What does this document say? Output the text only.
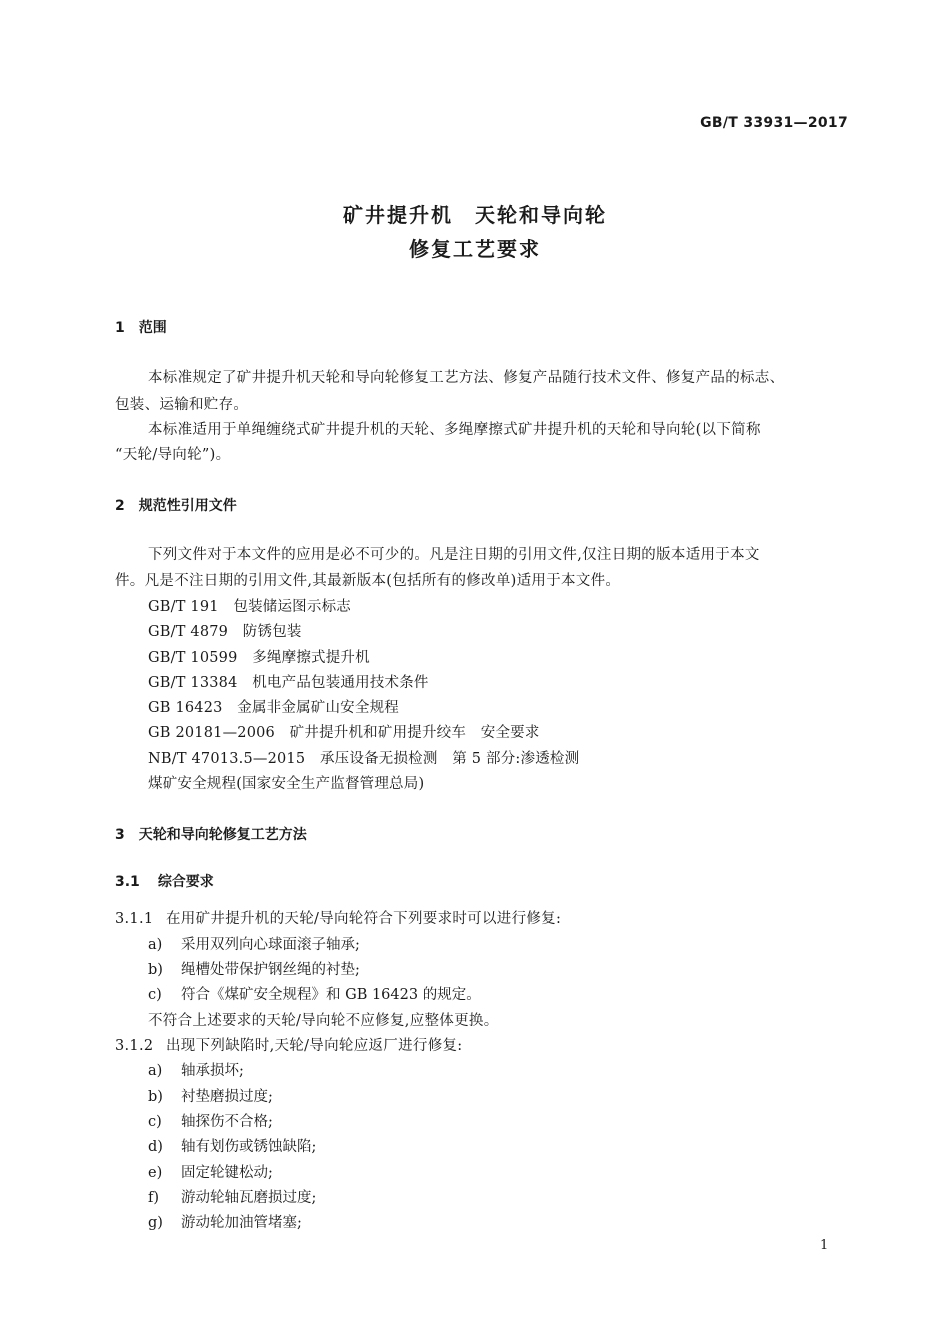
GB/T 33931—2017
矿井提升机　天轮和导向轮
修复工艺要求
1 范围
本标准规定了矿井提升机天轮和导向轮修复工艺方法、修复产品随行技术文件、修复产品的标志、
包装、运输和贮存。
本标准适用于单绳缠绕式矿井提升机的天轮、多绳摩擦式矿井提升机的天轮和导向轮(以下简称
“天轮/导向轮”)。
2 规范性引用文件
下列文件对于本文件的应用是必不可少的。凡是注日期的引用文件,仅注日期的版本适用于本文
件。凡是不注日期的引用文件,其最新版本(包括所有的修改单)适用于本文件。
GB/T 191　包装储运图示标志
GB/T 4879　防锈包装
GB/T 10599　多绳摩擦式提升机
GB/T 13384　机电产品包装通用技术条件
GB 16423　金属非金属矿山安全规程
GB 20181—2006　矿井提升机和矿用提升绞车　安全要求
NB/T 47013.5—2015　承压设备无损检测　第 5 部分:渗透检测
煤矿安全规程(国家安全生产监督管理总局)
3 天轮和导向轮修复工艺方法
3.1 综合要求
3.1.1 在用矿井提升机的天轮/导向轮符合下列要求时可以进行修复:
a) 采用双列向心球面滚子轴承;
b) 绳槽处带保护钢丝绳的衬垫;
c) 符合《煤矿安全规程》和 GB 16423 的规定。
不符合上述要求的天轮/导向轮不应修复,应整体更换。
3.1.2 出现下列缺陷时,天轮/导向轮应返厂进行修复:
a) 轴承损坏;
b) 衬垫磨损过度;
c) 轴探伤不合格;
d) 轴有划伤或锈蚀缺陷;
e) 固定轮键松动;
f) 游动轮轴瓦磨损过度;
g) 游动轮加油管堵塞;
1
